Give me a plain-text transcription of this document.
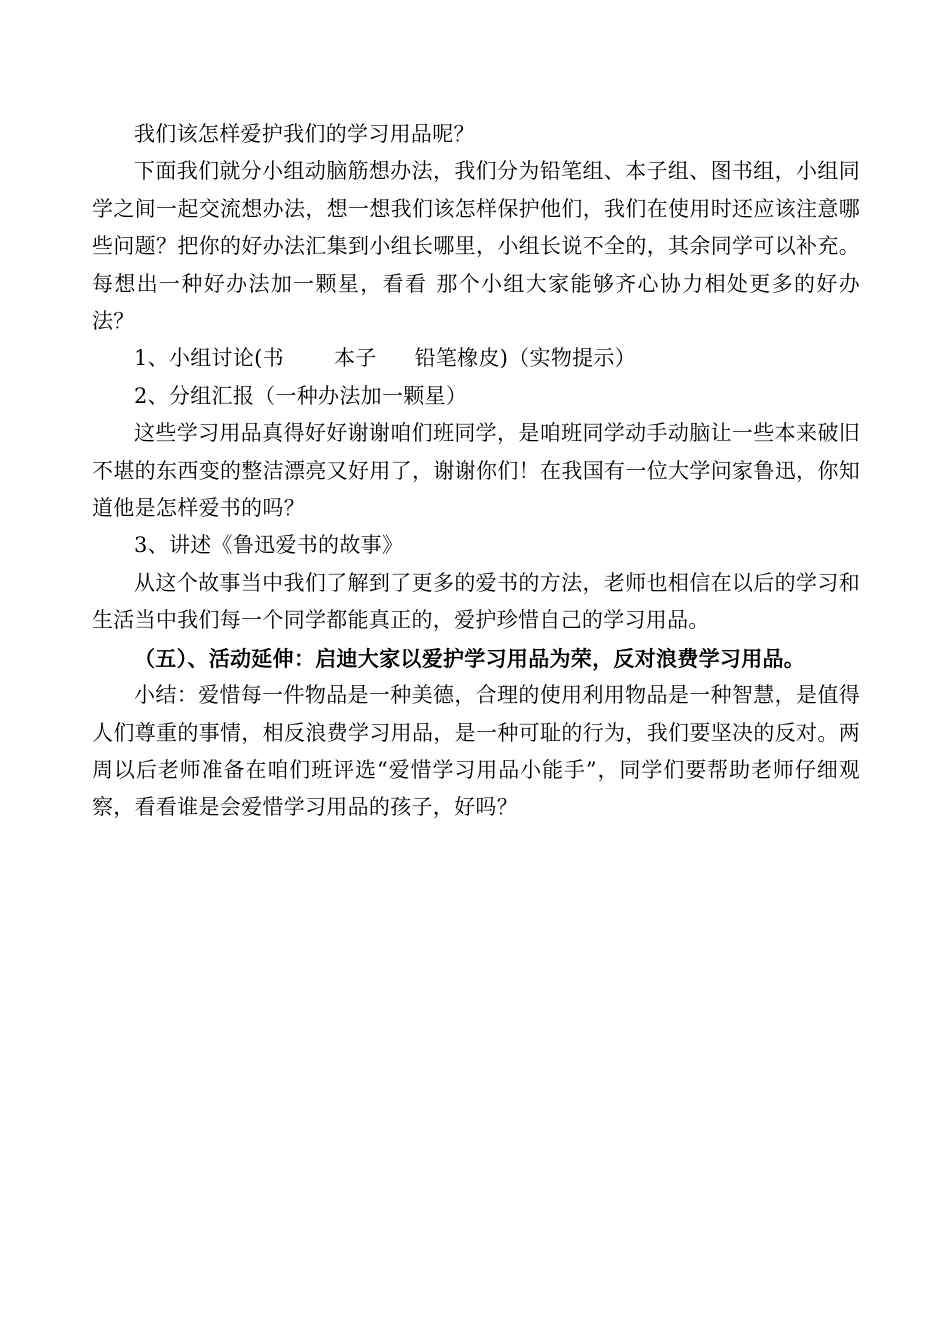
我们该怎样爱护我们的学习用品呢？

下面我们就分小组动脑筋想办法，我们分为铅笔组、本子组、图书组，小组同学之间一起交流想办法，想一想我们该怎样保护他们，我们在使用时还应该注意哪些问题？把你的好办法汇集到小组长哪里，小组长说不全的，其余同学可以补充。每想出一种好办法加一颗星，看看 那个小组大家能够齐心协力相处更多的好办法？

1、小组讨论(书 本子 铅笔橡皮)（实物提示）

2、分组汇报（一种办法加一颗星）

这些学习用品真得好好谢谢咱们班同学，是咱班同学动手动脑让一些本来破旧不堪的东西变的整洁漂亮又好用了，谢谢你们！在我国有一位大学问家鲁迅，你知道他是怎样爱书的吗？

3、讲述《鲁迅爱书的故事》

从这个故事当中我们了解到了更多的爱书的方法，老师也相信在以后的学习和生活当中我们每一个同学都能真正的，爱护珍惜自己的学习用品。

（五）、活动延伸：启迪大家以爱护学习用品为荣，反对浪费学习用品。

小结：爱惜每一件物品是一种美德，合理的使用利用物品是一种智慧，是值得人们尊重的事情，相反浪费学习用品，是一种可耻的行为，我们要坚决的反对。两周以后老师准备在咱们班评选“爱惜学习用品小能手”，同学们要帮助老师仔细观察，看看谁是会爱惜学习用品的孩子，好吗？
